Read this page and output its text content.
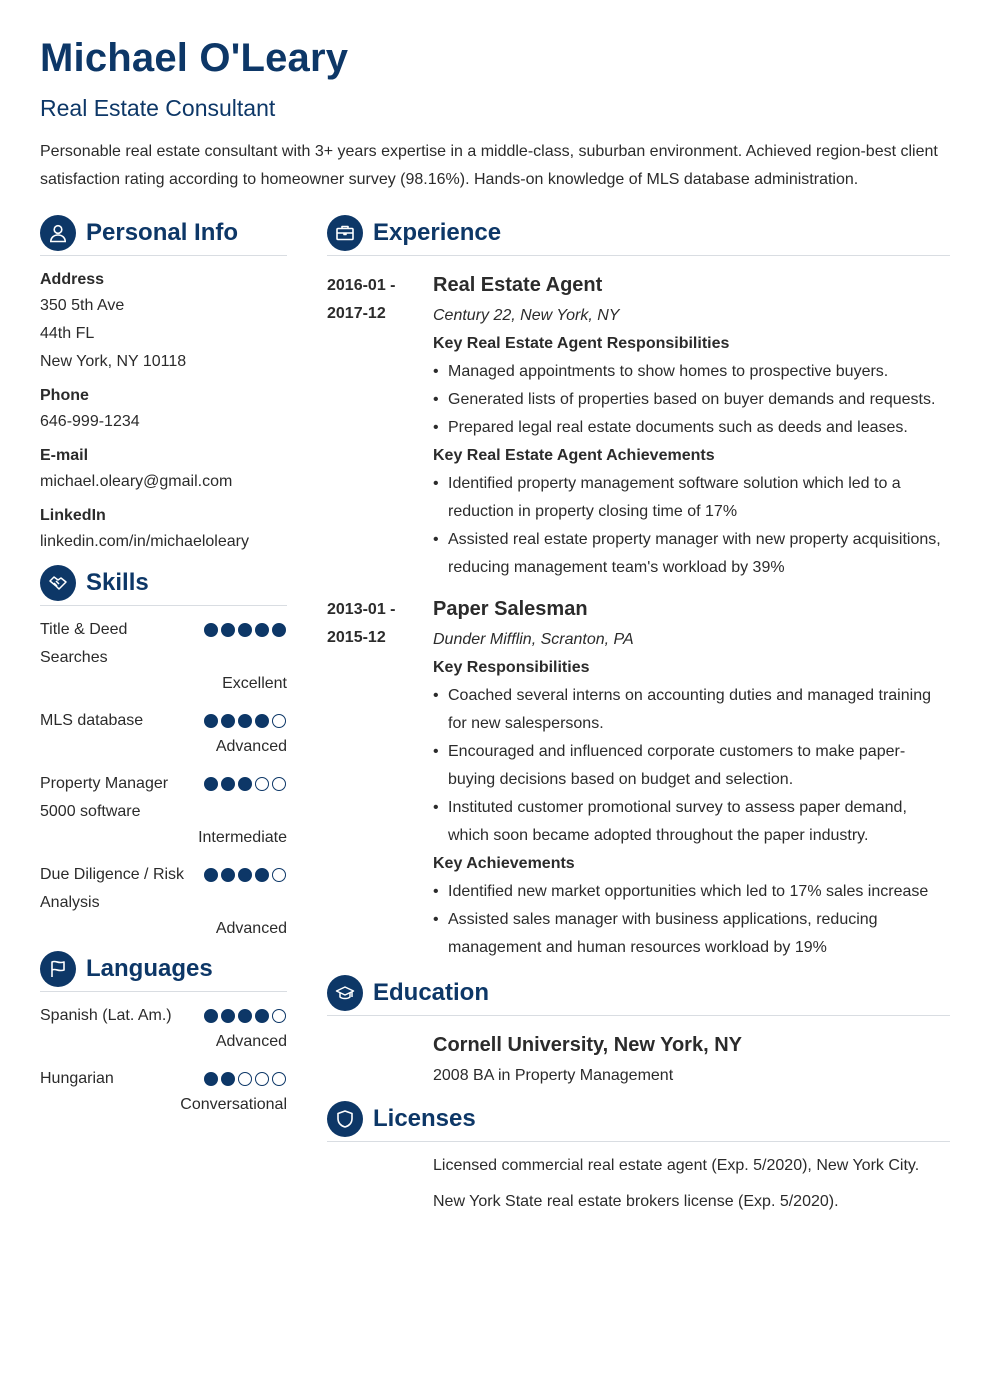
Michael O'Leary
Real Estate Consultant

Personable real estate consultant with 3+ years expertise in a middle-class, suburban environment. Achieved region-best client satisfaction rating according to homeowner survey (98.16%). Hands-on knowledge of MLS database administration.

Personal Info
Address
350 5th Ave
44th FL
New York, NY 10118
Phone
646-999-1234
E-mail
michael.oleary@gmail.com
LinkedIn
linkedin.com/in/michaeloleary
Skills
Title & Deed Searches
Excellent
MLS database
Advanced
Property Manager 5000 software
Intermediate
Due Diligence / Risk Analysis
Advanced
Languages
Spanish (Lat. Am.)
Advanced
Hungarian
Conversational
Experience
2016-01 -
2017-12
Real Estate Agent
Century 22, New York, NY
Key Real Estate Agent Responsibilities
• Managed appointments to show homes to prospective buyers.
• Generated lists of properties based on buyer demands and requests.
• Prepared legal real estate documents such as deeds and leases.
Key Real Estate Agent Achievements
• Identified property management software solution which led to a reduction in property closing time of 17%
• Assisted real estate property manager with new property acquisitions, reducing management team's workload by 39%
2013-01 -
2015-12
Paper Salesman
Dunder Mifflin, Scranton, PA
Key Responsibilities
• Coached several interns on accounting duties and managed training for new salespersons.
• Encouraged and influenced corporate customers to make paper-buying decisions based on budget and selection.
• Instituted customer promotional survey to assess paper demand, which soon became adopted throughout the paper industry.
Key Achievements
• Identified new market opportunities which led to 17% sales increase
• Assisted sales manager with business applications, reducing management and human resources workload by 19%
Education
Cornell University, New York, NY
2008 BA in Property Management
Licenses
Licensed commercial real estate agent (Exp. 5/2020), New York City.
New York State real estate brokers license (Exp. 5/2020).
